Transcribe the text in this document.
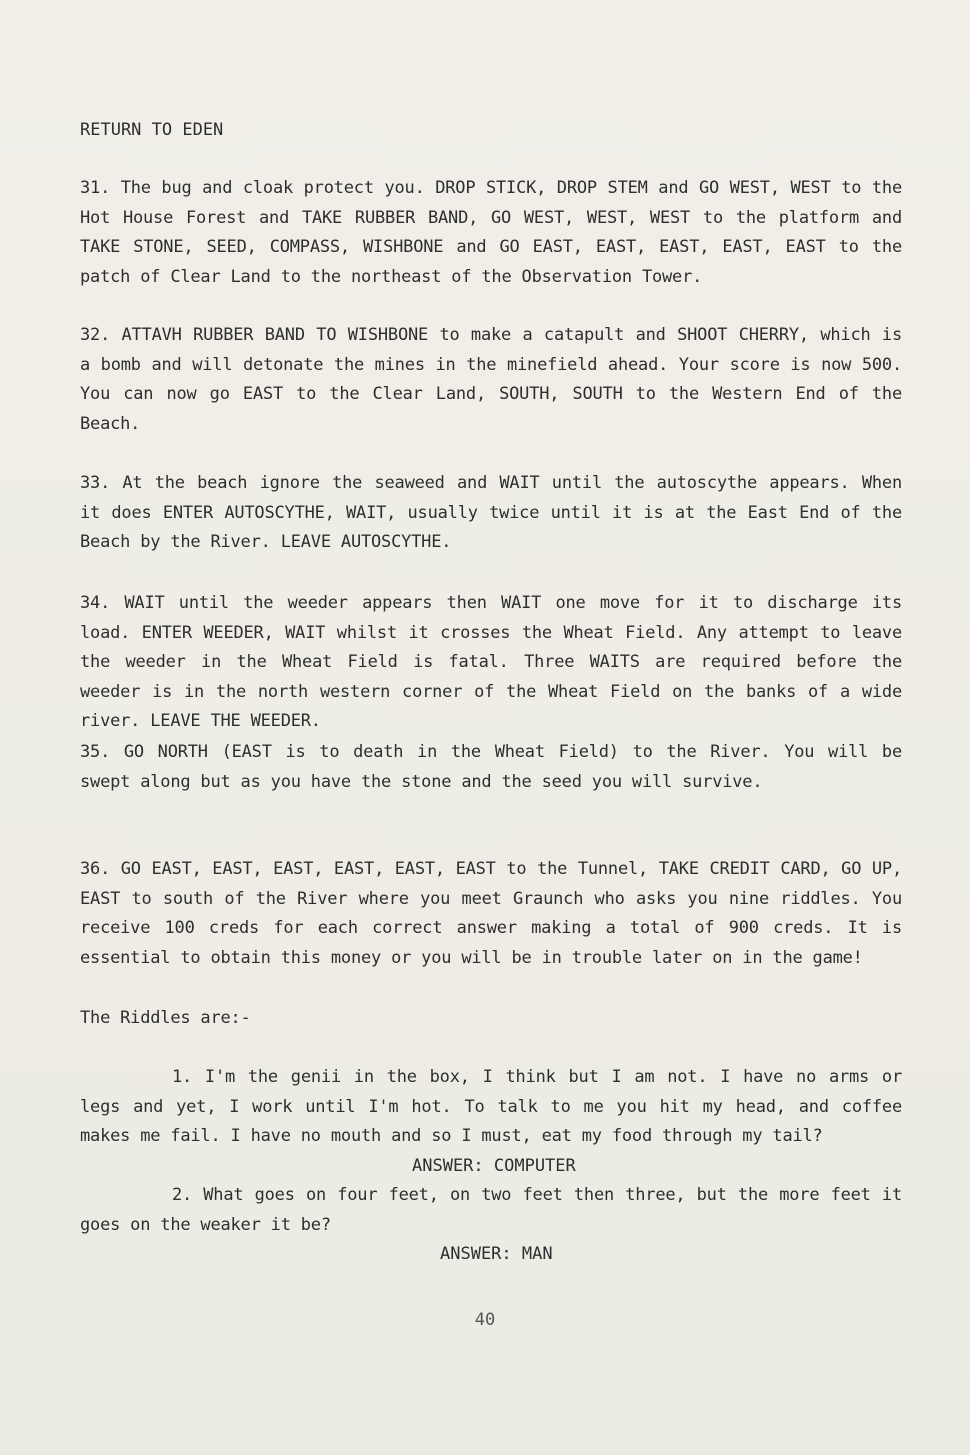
RETURN TO EDEN

31. The bug and cloak protect you. DROP STICK, DROP STEM and GO WEST, WEST to the Hot House Forest and TAKE RUBBER BAND, GO WEST, WEST, WEST to the platform and TAKE STONE, SEED, COMPASS, WISHBONE and GO EAST, EAST, EAST, EAST, EAST to the patch of Clear Land to the northeast of the Observation Tower.

32. ATTAVH RUBBER BAND TO WISHBONE to make a catapult and SHOOT CHERRY, which is a bomb and will detonate the mines in the minefield ahead. Your score is now 500. You can now go EAST to the Clear Land, SOUTH, SOUTH to the Western End of the Beach.

33. At the beach ignore the seaweed and WAIT until the autoscythe appears. When it does ENTER AUTOSCYTHE, WAIT, usually twice until it is at the East End of the Beach by the River. LEAVE AUTOSCYTHE.

34. WAIT until the weeder appears then WAIT one move for it to discharge its load. ENTER WEEDER, WAIT whilst it crosses the Wheat Field. Any attempt to leave the weeder in the Wheat Field is fatal. Three WAITS are required before the weeder is in the north western corner of the Wheat Field on the banks of a wide river. LEAVE THE WEEDER.

35. GO NORTH (EAST is to death in the Wheat Field) to the River. You will be swept along but as you have the stone and the seed you will survive.

36. GO EAST, EAST, EAST, EAST, EAST, EAST to the Tunnel, TAKE CREDIT CARD, GO UP, EAST to south of the River where you meet Graunch who asks you nine riddles. You receive 100 creds for each correct answer making a total of 900 creds. It is essential to obtain this money or you will be in trouble later on in the game!

The Riddles are:-

1. I'm the genii in the box, I think but I am not. I have no arms or legs and yet, I work until I'm hot. To talk to me you hit my head, and coffee makes me fail. I have no mouth and so I must, eat my food through my tail?

ANSWER: COMPUTER

2. What goes on four feet, on two feet then three, but the more feet it goes on the weaker it be?

ANSWER: MAN
40
